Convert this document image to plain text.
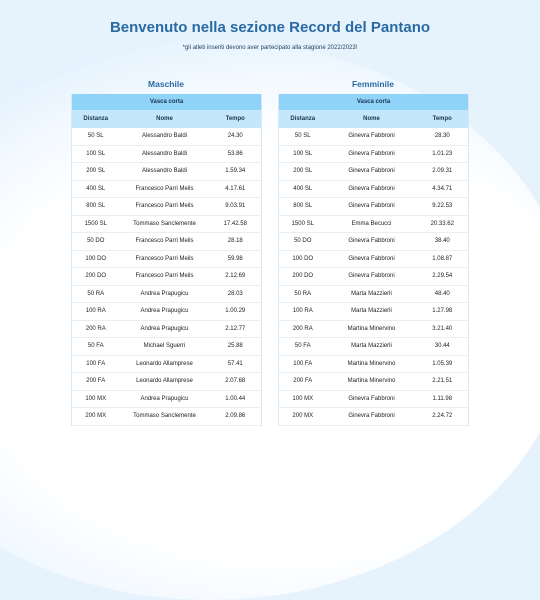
Benvenuto nella sezione Record del Pantano
*gli atleti inseriti devono aver partecipato alla stagione 2022/2023!
Maschile
Vasca corta		
Distanza	Nome	Tempo
50 SL	Alessandro Baldi	24.30
100 SL	Alessandro Baldi	53.86
200 SL	Alessandro Baldi	1.59.34
400 SL	Francesco Parri Meils	4.17.61
800 SL	Francesco Parri Meils	9.03.91
1500 SL	Tommaso Sanclemente	17.42.58
50 DO	Francesco Parri Meils	28.18
100 DO	Francesco Parri Meils	59.98
200 DO	Francesco Parri Meils	2.12.69
50 RA	Andrea Prapugicu	28.03
100 RA	Andrea Prapugicu	1.00.29
200 RA	Andrea Prapugicu	2.12.77
50 FA	Michael Sguerri	25.88
100 FA	Leonardo Allamprese	57.41
200 FA	Leonardo Allamprese	2.07.68
100 MX	Andrea Prapugicu	1.00.44
200 MX	Tommaso Sanclemente	2.09.86
Femminile
Vasca corta		
Distanza	Nome	Tempo
50 SL	Ginevra Fabbroni	28.30
100 SL	Ginevra Fabbroni	1.01.23
200 SL	Ginevra Fabbroni	2.09.31
400 SL	Ginevra Fabbroni	4.34.71
800 SL	Ginevra Fabbroni	9.22.53
1500 SL	Emma Becucci	20.33.62
50 DO	Ginevra Fabbroni	38.40
100 DO	Ginevra Fabbroni	1.08.87
200 DO	Ginevra Fabbroni	2.29.54
50 RA	Marta Mazzierli	48.40
100 RA	Marta Mazzierli	1.27.98
200 RA	Martina Minervino	3.21.40
50 FA	Marta Mazzierli	30.44
100 FA	Martina Minervino	1.05.39
200 FA	Martina Minervino	2.21.51
100 MX	Ginevra Fabbroni	1.11.98
200 MX	Ginevra Fabbroni	2.24.72
